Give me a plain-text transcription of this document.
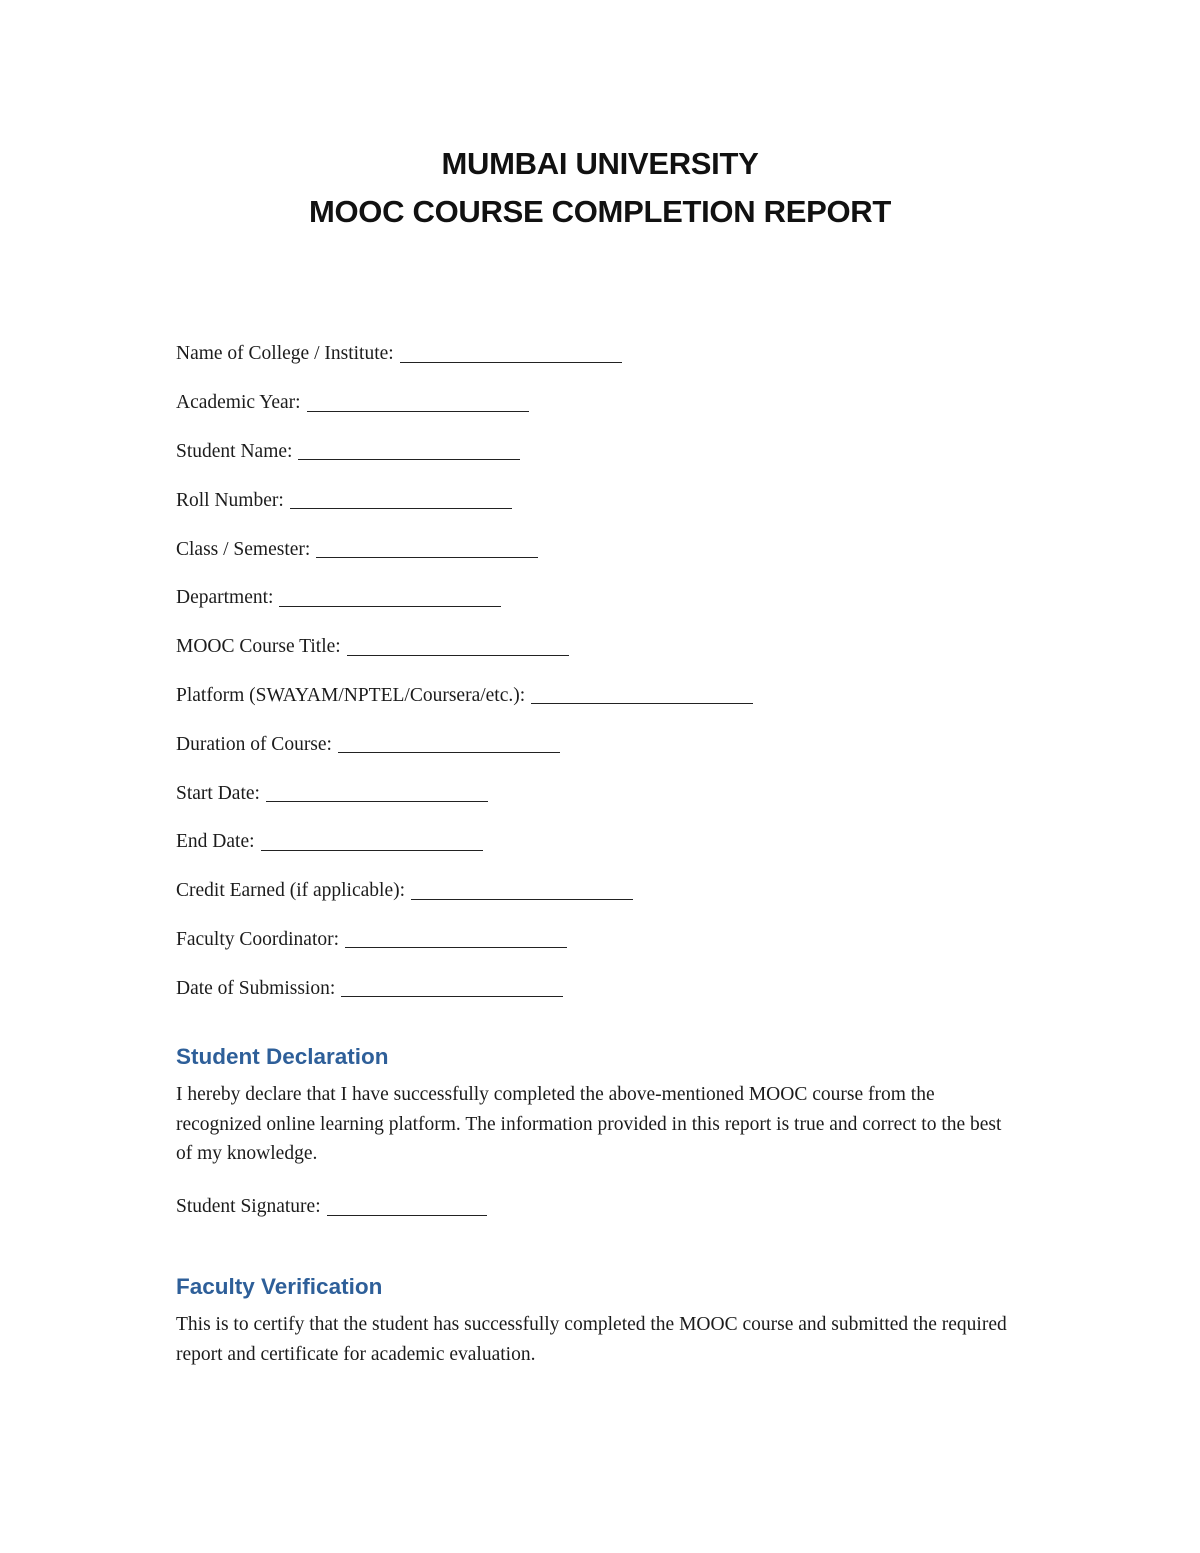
MUMBAI UNIVERSITY
MOOC COURSE COMPLETION REPORT
Name of College / Institute:
Academic Year:
Student Name:
Roll Number:
Class / Semester:
Department:
MOOC Course Title:
Platform (SWAYAM/NPTEL/Coursera/etc.):
Duration of Course:
Start Date:
End Date:
Credit Earned (if applicable):
Faculty Coordinator:
Date of Submission:
Student Declaration
I hereby declare that I have successfully completed the above-mentioned MOOC course from the recognized online learning platform. The information provided in this report is true and correct to the best of my knowledge.
Student Signature:
Faculty Verification
This is to certify that the student has successfully completed the MOOC course and submitted the required report and certificate for academic evaluation.
